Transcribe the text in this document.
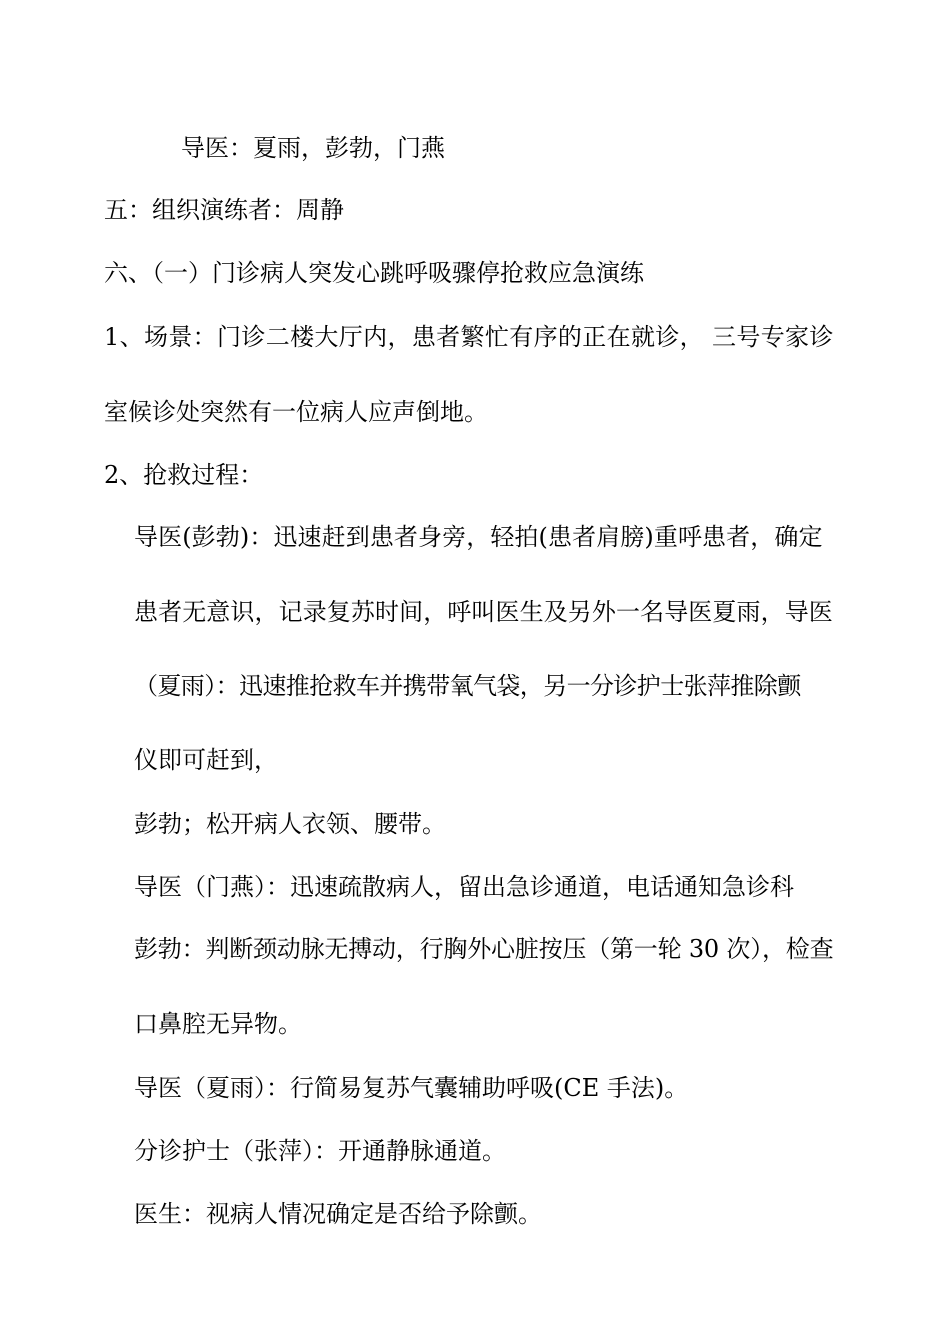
导医：夏雨，彭勃，门燕

五：组织演练者：周静

六、（一）门诊病人突发心跳呼吸骤停抢救应急演练

1、场景：门诊二楼大厅内，患者繁忙有序的正在就诊， 三号专家诊

室候诊处突然有一位病人应声倒地。

2、抢救过程：

导医(彭勃)：迅速赶到患者身旁，轻拍(患者肩膀)重呼患者，确定

患者无意识，记录复苏时间，呼叫医生及另外一名导医夏雨，导医

（夏雨）：迅速推抢救车并携带氧气袋，另一分诊护士张萍推除颤

仪即可赶到，

彭勃；松开病人衣领、腰带。

导医（门燕）：迅速疏散病人，留出急诊通道，电话通知急诊科

彭勃：判断颈动脉无搏动，行胸外心脏按压（第一轮 30 次），检查

口鼻腔无异物。

导医（夏雨）：行简易复苏气囊辅助呼吸(CE 手法)。

分诊护士（张萍）：开通静脉通道。

医生：视病人情况确定是否给予除颤。
